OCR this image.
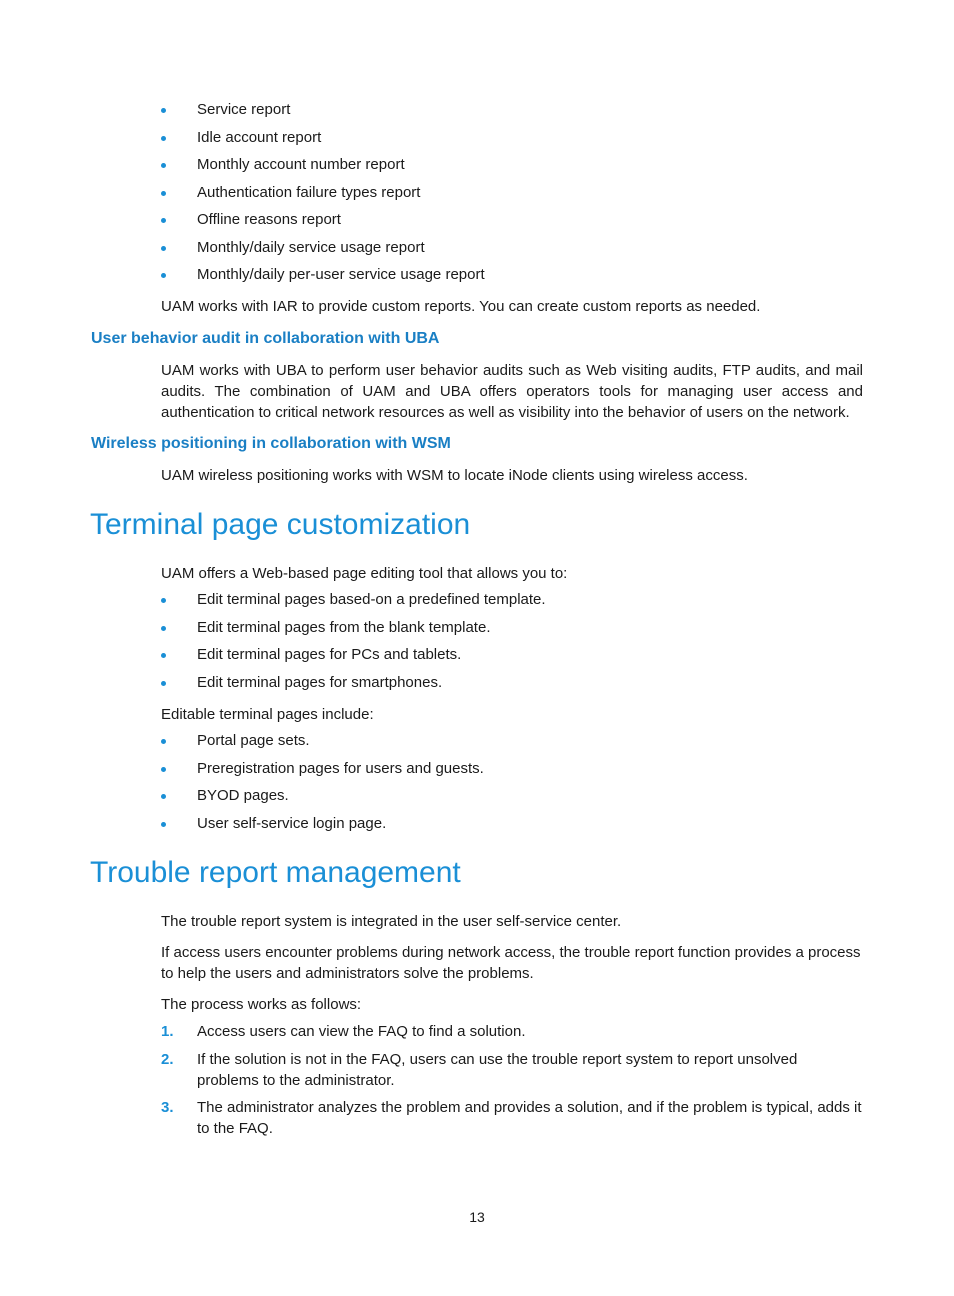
Service report
Idle account report
Monthly account number report
Authentication failure types report
Offline reasons report
Monthly/daily service usage report
Monthly/daily per-user service usage report

UAM works with IAR to provide custom reports. You can create custom reports as needed.

User behavior audit in collaboration with UBA

UAM works with UBA to perform user behavior audits such as Web visiting audits, FTP audits, and mail audits. The combination of UAM and UBA offers operators tools for managing user access and authentication to critical network resources as well as visibility into the behavior of users on the network.

Wireless positioning in collaboration with WSM

UAM wireless positioning works with WSM to locate iNode clients using wireless access.

Terminal page customization

UAM offers a Web-based page editing tool that allows you to:

Edit terminal pages based-on a predefined template.
Edit terminal pages from the blank template.
Edit terminal pages for PCs and tablets.
Edit terminal pages for smartphones.

Editable terminal pages include:

Portal page sets.
Preregistration pages for users and guests.
BYOD pages.
User self-service login page.
Trouble report management

The trouble report system is integrated in the user self-service center.

If access users encounter problems during network access, the trouble report function provides a process to help the users and administrators solve the problems.

The process works as follows:

1. Access users can view the FAQ to find a solution.
2. If the solution is not in the FAQ, users can use the trouble report system to report unsolved problems to the administrator.
3. The administrator analyzes the problem and provides a solution, and if the problem is typical, adds it to the FAQ.
13
